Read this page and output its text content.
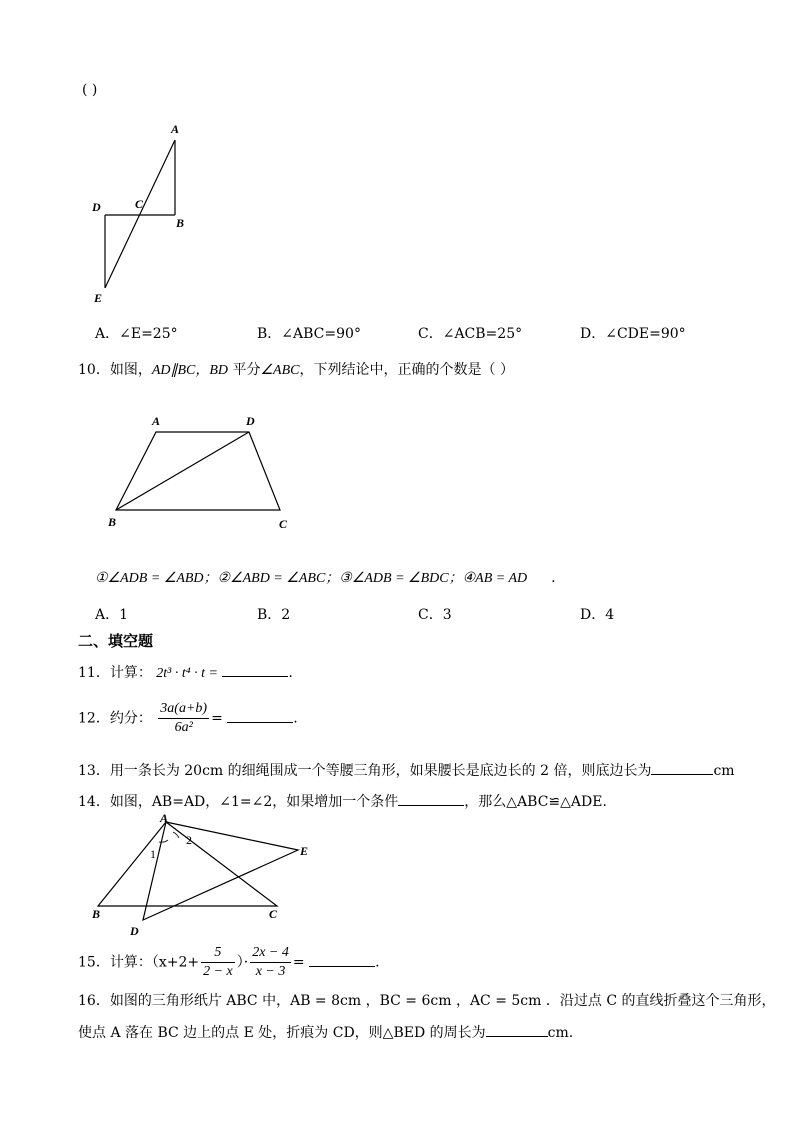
( )
A
D	C
B
E
A．∠E=25°	B．∠ABC=90°	C．∠ACB=25°	D．∠CDE=90°
10．如图，AD∥BC，BD 平分∠ABC，下列结论中，正确的个数是（ ）
A	D
B	C
①∠ADB = ∠ABD；②∠ABD = ∠ABC；③∠ADB = ∠BDC；④AB = AD .
A．1	B．2	C．3	D．4
二、填空题
11．计算： 2t³ · t⁴ · t =	.
12．约分： $\frac{3a(a+b)}{\text{6a²}}$ =	.
13．用一条长为 20cm 的细绳围成一个等腰三角形，如果腰长是底边长的 2 倍，则底边长为	cm
14．如图，AB=AD，∠1=∠2，如果增加一个条件	，那么△ABC≌△ADE.
A
B	C
D
E
1
2
15．计算：（$x+2+ \frac{5}{2 - x}$ ）· $\frac{2x - 4}{x - 3}$ =	.
16．如图的三角形纸片 ABC 中，AB = 8cm ，BC = 6cm ，AC = 5cm ．沿过点 C 的直线折叠这个三角形，
使点 A 落在 BC 边上的点 E 处，折痕为 CD，则△BED 的周长为	cm.
